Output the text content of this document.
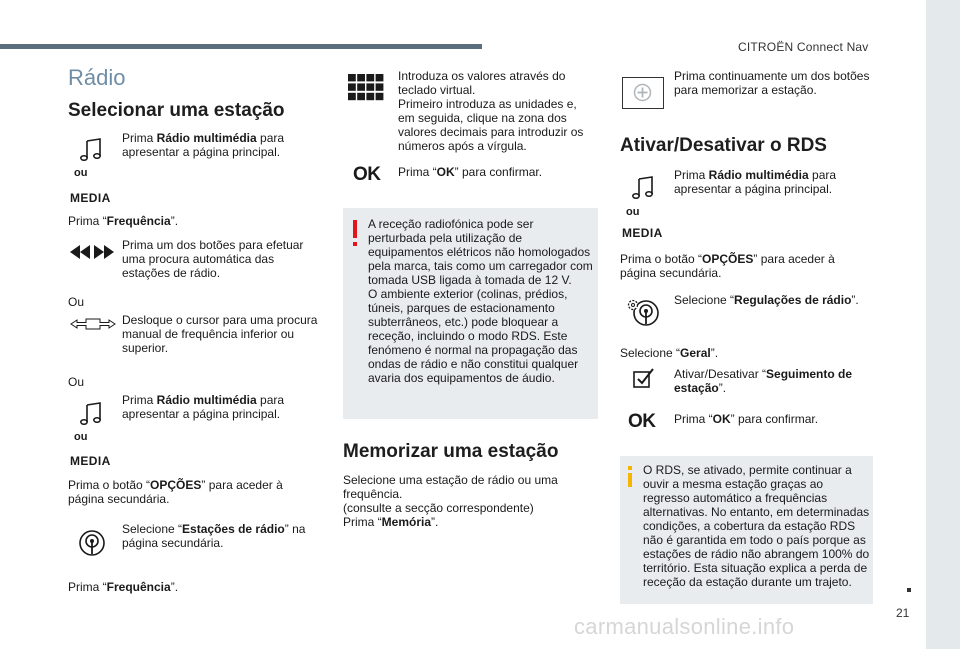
CITROËN Connect Nav
21
carmanualsonline.info
Rádio
Selecionar uma estação
ou
MEDIA
Prima Rádio multimédia para apresentar a página principal.
Prima “Frequência”.
Prima um dos botões para efetuar uma procura automática das estações de rádio.
Ou
Desloque o cursor para uma procura manual de frequência inferior ou superior.
Ou
ou
MEDIA
Prima Rádio multimédia para apresentar a página principal.
Prima o botão “OPÇÕES” para aceder à página secundária.
Selecione “Estações de rádio” na página secundária.
Prima “Frequência”.
Introduza os valores através do teclado virtual.
Primeiro introduza as unidades e, em seguida, clique na zona dos valores decimais para introduzir os números após a vírgula.
OK Prima “OK” para confirmar.
A receção radiofónica pode ser perturbada pela utilização de equipamentos elétricos não homologados pela marca, tais como um carregador com tomada USB ligada à tomada de 12 V.
O ambiente exterior (colinas, prédios, túneis, parques de estacionamento subterrâneos, etc.) pode bloquear a receção, incluindo o modo RDS. Este fenómeno é normal na propagação das ondas de rádio e não constitui qualquer avaria dos equipamentos de áudio.
Memorizar uma estação
Selecione uma estação de rádio ou uma frequência.
(consulte a secção correspondente)
Prima “Memória”.
Prima continuamente um dos botões para memorizar a estação.
Ativar/Desativar o RDS
ou
MEDIA
Prima Rádio multimédia para apresentar a página principal.
Prima o botão “OPÇÕES” para aceder à página secundária.
Selecione “Regulações de rádio”.
Selecione “Geral”.
Ativar/Desativar “Seguimento de estação”.
OK Prima “OK” para confirmar.
O RDS, se ativado, permite continuar a ouvir a mesma estação graças ao regresso automático a frequências alternativas. No entanto, em determinadas condições, a cobertura da estação RDS não é garantida em todo o país porque as estações de rádio não abrangem 100% do território. Esta situação explica a perda de receção da estação durante um trajeto.
